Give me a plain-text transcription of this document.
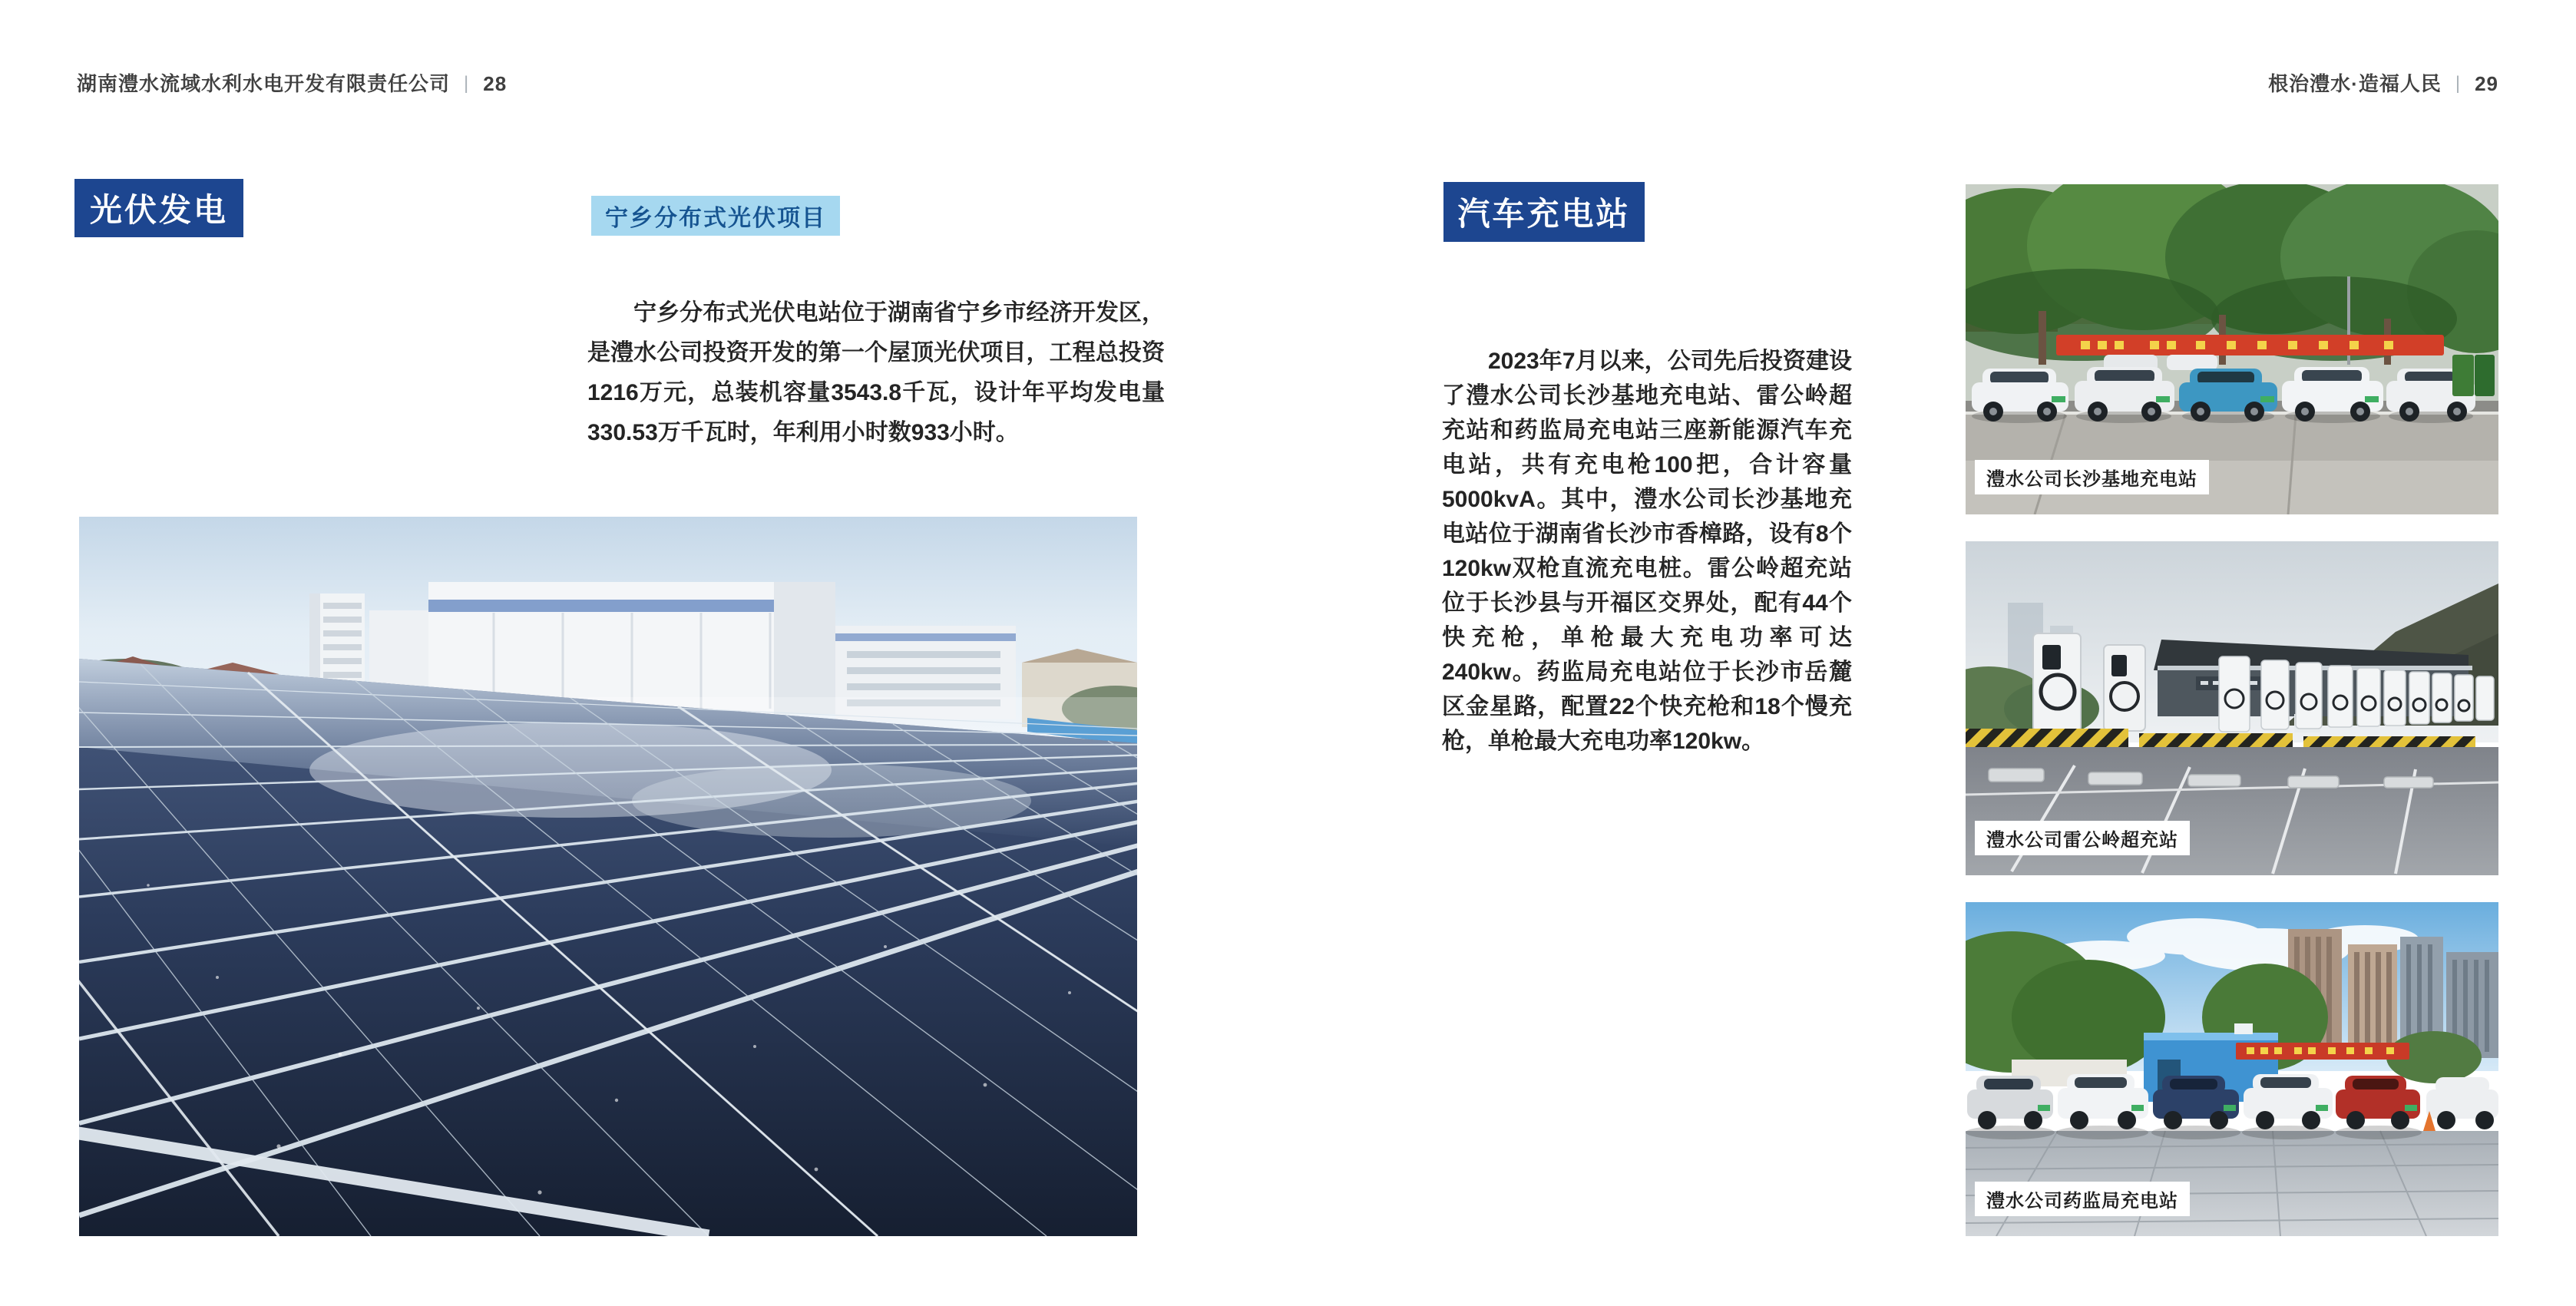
湖南澧水流域水利水电开发有限责任公司 | 28	根治澧水·造福人民 | 29
光伏发电	宁乡分布式光伏项目

宁乡分布式光伏电站位于湖南省宁乡市经济开发区，是澧水公司投资开发的第一个屋顶光伏项目，工程总投资1216万元，总装机容量3543.8千瓦，设计年平均发电量330.53万千瓦时，年利用小时数933小时。

汽车充电站

2023年7月以来，公司先后投资建设了澧水公司长沙基地充电站、雷公岭超充站和药监局充电站三座新能源汽车充电站，共有充电枪100把，合计容量5000kvA。其中，澧水公司长沙基地充电站位于湖南省长沙市香樟路，设有8个120kw双枪直流充电桩。雷公岭超充站位于长沙县与开福区交界处，配有44个快充枪，单枪最大充电功率可达240kw。药监局充电站位于长沙市岳麓区金星路，配置22个快充枪和18个慢充枪，单枪最大充电功率120kw。

澧水公司长沙基地充电站
澧水公司雷公岭超充站
澧水公司药监局充电站
